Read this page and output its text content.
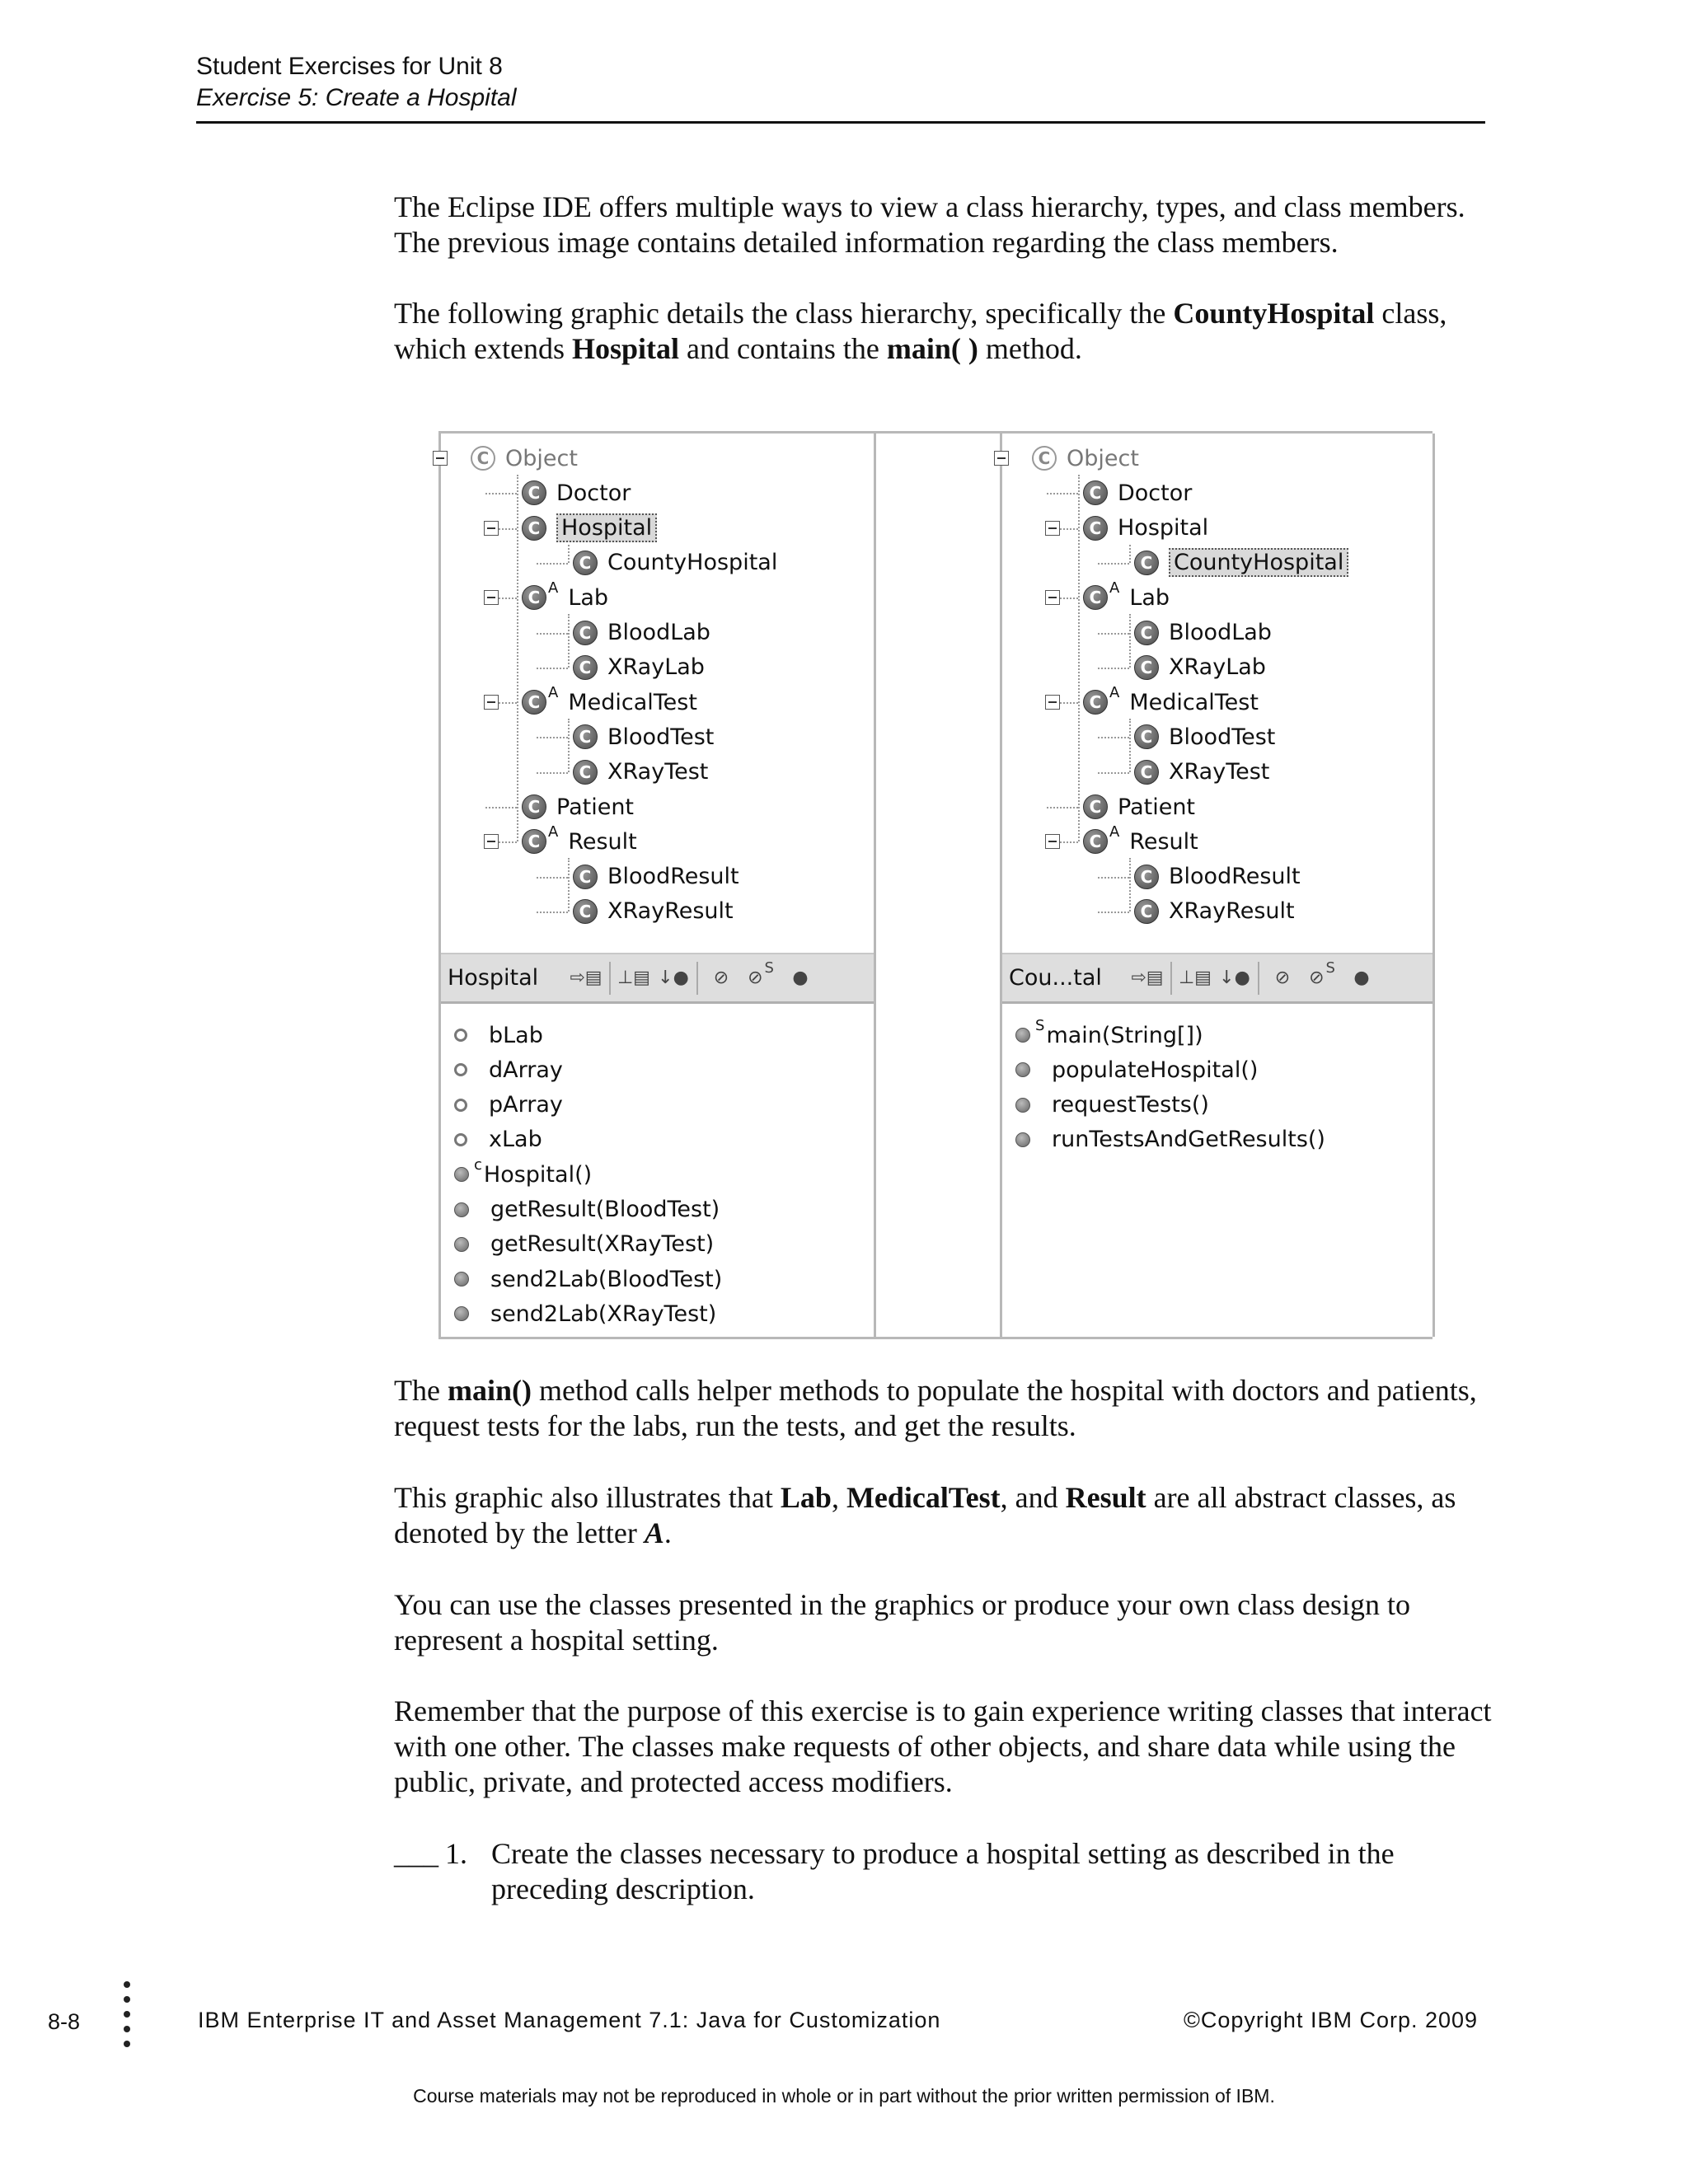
Student Exercises for Unit 8
Exercise 5: Create a Hospital

The Eclipse IDE offers multiple ways to view a class hierarchy, types, and class members. The previous image contains detailed information regarding the class members.

The following graphic details the class hierarchy, specifically the CountyHospital class, which extends Hospital and contains the main( ) method.

C Object
C Doctor
C Hospital
C CountyHospital
C A Lab
C BloodLab
C XRayLab
C A MedicalTest
C BloodTest
C XRayTest
C Patient
C A Result
C BloodResult
C XRayResult
Hospital	⇨▤ ⊥▤ ↓●	⊘	⊘ S	●
bLab
dArray
pArray
xLab
c Hospital()
getResult(BloodTest)
getResult(XRayTest)
send2Lab(BloodTest)
send2Lab(XRayTest)
C Object
C Doctor
C Hospital
C CountyHospital
C A Lab
C BloodLab
C XRayLab
C A MedicalTest
C BloodTest
C XRayTest
C Patient
C A Result
C BloodResult
C XRayResult
Cou...tal	⇨▤ ⊥▤ ↓●	⊘	⊘ S	●
S main(String[])
populateHospital()
requestTests()
runTestsAndGetResults()

The main() method calls helper methods to populate the hospital with doctors and patients, request tests for the labs, run the tests, and get the results.

This graphic also illustrates that Lab, MedicalTest, and Result are all abstract classes, as denoted by the letter A.

You can use the classes presented in the graphics or produce your own class design to represent a hospital setting.

Remember that the purpose of this exercise is to gain experience writing classes that interact with one other. The classes make requests of other objects, and share data while using the public, private, and protected access modifiers.

___ 1. Create the classes necessary to produce a hospital setting as described in the preceding description.
8-8	IBM Enterprise IT and Asset Management 7.1: Java for Customization	©Copyright IBM Corp. 2009
Course materials may not be reproduced in whole or in part without the prior written permission of IBM.
